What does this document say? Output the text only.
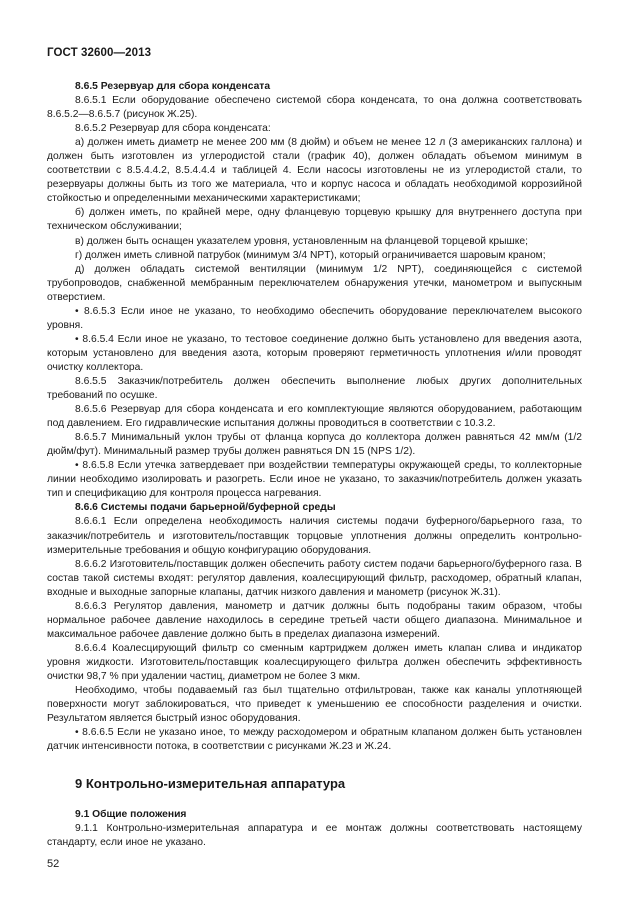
ГОСТ 32600—2013

8.6.5 Резервуар для сбора конденсата

8.6.5.1 Если оборудование обеспечено системой сбора конденсата, то она должна соответствовать 8.6.5.2—8.6.5.7 (рисунок Ж.25).

8.6.5.2 Резервуар для сбора конденсата:

а) должен иметь диаметр не менее 200 мм (8 дюйм) и объем не менее 12 л (3 американских галлона) и должен быть изготовлен из углеродистой стали (график 40), должен обладать объемом минимум в соответствии с 8.5.4.4.2, 8.5.4.4.4 и таблицей 4. Если насосы изготовлены не из углеродистой стали, то резервуары должны быть из того же материала, что и корпус насоса и обладать необходимой коррозийной стойкостью и определенными механическими характеристиками;

б) должен иметь, по крайней мере, одну фланцевую торцевую крышку для внутреннего доступа при техническом обслуживании;

в) должен быть оснащен указателем уровня, установленным на фланцевой торцевой крышке;

г) должен иметь сливной патрубок (минимум 3/4 NPT), который ограничивается шаровым краном;

д) должен обладать системой вентиляции (минимум 1/2 NPT), соединяющейся с системой трубопроводов, снабженной мембранным переключателем обнаружения утечки, манометром и выпускным отверстием.

• 8.6.5.3 Если иное не указано, то необходимо обеспечить оборудование переключателем высокого уровня.

• 8.6.5.4 Если иное не указано, то тестовое соединение должно быть установлено для введения азота, которым установлено для введения азота, которым проверяют герметичность уплотнения и/или проводят очистку коллектора.

8.6.5.5 Заказчик/потребитель должен обеспечить выполнение любых других дополнительных требований по осушке.

8.6.5.6 Резервуар для сбора конденсата и его комплектующие являются оборудованием, работающим под давлением. Его гидравлические испытания должны проводиться в соответствии с 10.3.2.

8.6.5.7 Минимальный уклон трубы от фланца корпуса до коллектора должен равняться 42 мм/м (1/2 дюйм/фут). Минимальный размер трубы должен равняться DN 15 (NPS 1/2).

• 8.6.5.8 Если утечка затвердевает при воздействии температуры окружающей среды, то коллекторные линии необходимо изолировать и разогреть. Если иное не указано, то заказчик/потребитель должен указать тип и спецификацию для контроля процесса нагревания.

8.6.6 Системы подачи барьерной/буферной среды

8.6.6.1 Если определена необходимость наличия системы подачи буферного/барьерного газа, то заказчик/потребитель и изготовитель/поставщик торцовые уплотнения должны определить контрольно-измерительные требования и общую конфигурацию оборудования.

8.6.6.2 Изготовитель/поставщик должен обеспечить работу систем подачи барьерного/буферного газа. В состав такой системы входят: регулятор давления, коалесцирующий фильтр, расходомер, обратный клапан, входные и выходные запорные клапаны, датчик низкого давления и манометр (рисунок Ж.31).

8.6.6.3 Регулятор давления, манометр и датчик должны быть подобраны таким образом, чтобы нормальное рабочее давление находилось в середине третьей части общего диапазона. Минимальное и максимальное рабочее давление должно быть в пределах диапазона измерений.

8.6.6.4 Коалесцирующий фильтр со сменным картриджем должен иметь клапан слива и индикатор уровня жидкости. Изготовитель/поставщик коалесцирующего фильтра должен обеспечить эффективность очистки 98,7 % при удалении частиц, диаметром не более 3 мкм.

Необходимо, чтобы подаваемый газ был тщательно отфильтрован, также как каналы уплотняющей поверхности могут заблокироваться, что приведет к уменьшению ее способности разделения и очистки. Результатом является быстрый износ оборудования.

• 8.6.6.5 Если не указано иное, то между расходомером и обратным клапаном должен быть установлен датчик интенсивности потока, в соответствии с рисунками Ж.23 и Ж.24.

9 Контрольно-измерительная аппаратура

9.1 Общие положения

9.1.1 Контрольно-измерительная аппаратура и ее монтаж должны соответствовать настоящему стандарту, если иное не указано.

52
